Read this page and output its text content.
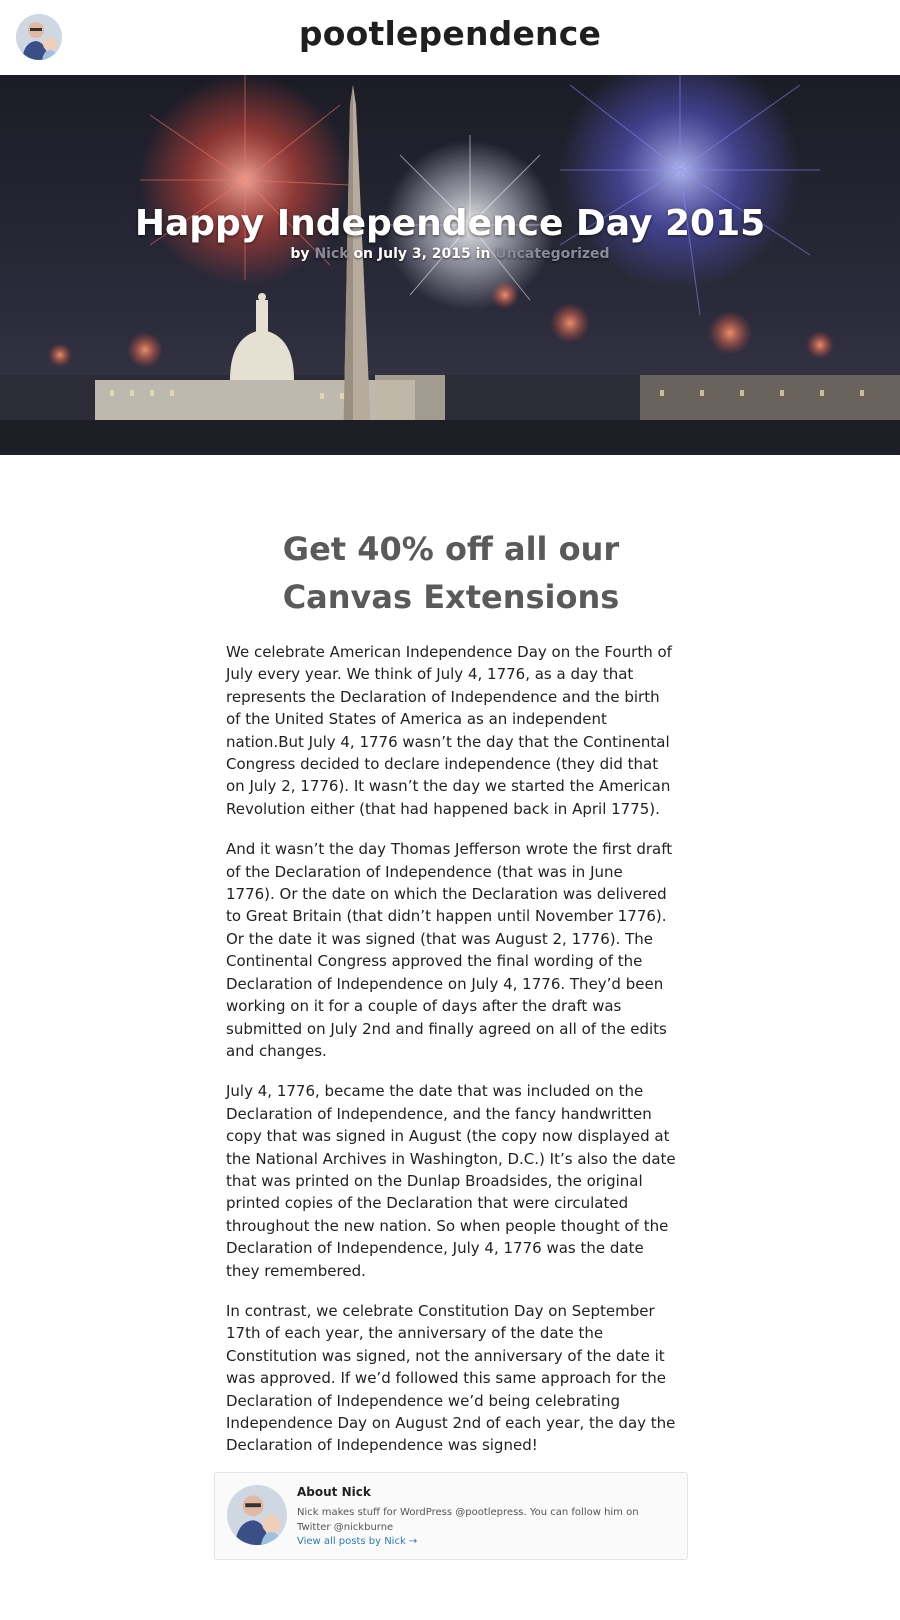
pootlependence
Happy Independence Day 2015
by Nick on July 3, 2015 in Uncategorized
Get 40% off all our Canvas Extensions

We celebrate American Independence Day on the Fourth of July every year. We think of July 4, 1776, as a day that represents the Declaration of Independence and the birth of the United States of America as an independent nation.But July 4, 1776 wasn’t the day that the Continental Congress decided to declare independence (they did that on July 2, 1776). It wasn’t the day we started the American Revolution either (that had happened back in April 1775).

And it wasn’t the day Thomas Jefferson wrote the first draft of the Declaration of Independence (that was in June 1776). Or the date on which the Declaration was delivered to Great Britain (that didn’t happen until November 1776). Or the date it was signed (that was August 2, 1776). The Continental Congress approved the final wording of the Declaration of Independence on July 4, 1776. They’d been working on it for a couple of days after the draft was submitted on July 2nd and finally agreed on all of the edits and changes.

July 4, 1776, became the date that was included on the Declaration of Independence, and the fancy handwritten copy that was signed in August (the copy now displayed at the National Archives in Washington, D.C.) It’s also the date that was printed on the Dunlap Broadsides, the original printed copies of the Declaration that were circulated throughout the new nation. So when people thought of the Declaration of Independence, July 4, 1776 was the date they remembered.

In contrast, we celebrate Constitution Day on September 17th of each year, the anniversary of the date the Constitution was signed, not the anniversary of the date it was approved. If we’d followed this same approach for the Declaration of Independence we’d being celebrating Independence Day on August 2nd of each year, the day the Declaration of Independence was signed!

About Nick
Nick makes stuff for WordPress @pootlepress. You can follow him on Twitter @nickburne
View all posts by Nick →
